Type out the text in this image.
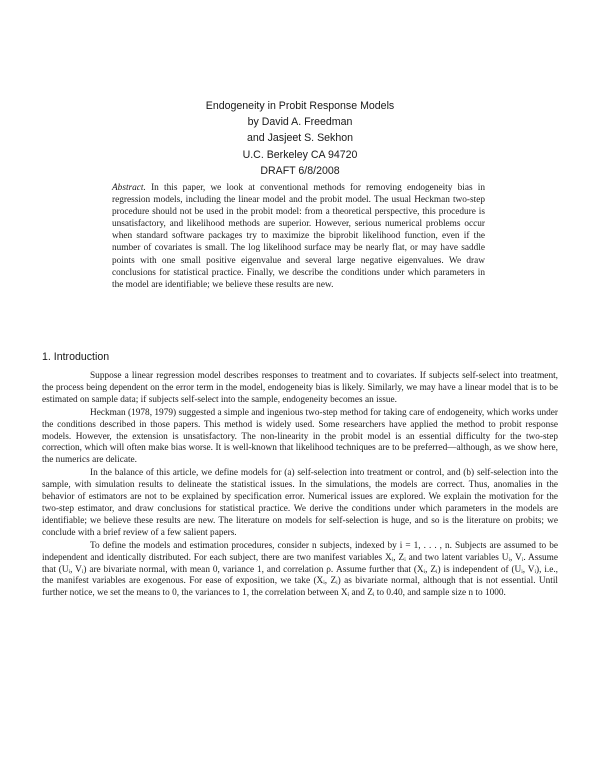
Endogeneity in Probit Response Models
by David A. Freedman
and Jasjeet S. Sekhon
U.C. Berkeley CA 94720
DRAFT 6/8/2008
Abstract. In this paper, we look at conventional methods for removing endogeneity bias in regression models, including the linear model and the probit model. The usual Heckman two-step procedure should not be used in the probit model: from a theoretical perspective, this procedure is unsatisfactory, and likelihood methods are superior. However, serious numerical problems occur when standard software packages try to maximize the biprobit likelihood function, even if the number of covariates is small. The log likelihood surface may be nearly flat, or may have saddle points with one small positive eigenvalue and several large negative eigenvalues. We draw conclusions for statistical practice. Finally, we describe the conditions under which parameters in the model are identifiable; we believe these results are new.
1. Introduction

Suppose a linear regression model describes responses to treatment and to covariates. If subjects self-select into treatment, the process being dependent on the error term in the model, endogeneity bias is likely. Similarly, we may have a linear model that is to be estimated on sample data; if subjects self-select into the sample, endogeneity becomes an issue.

Heckman (1978, 1979) suggested a simple and ingenious two-step method for taking care of endogeneity, which works under the conditions described in those papers. This method is widely used. Some researchers have applied the method to probit response models. However, the extension is unsatisfactory. The non-linearity in the probit model is an essential difficulty for the two-step correction, which will often make bias worse. It is well-known that likelihood techniques are to be preferred—although, as we show here, the numerics are delicate.

In the balance of this article, we define models for (a) self-selection into treatment or control, and (b) self-selection into the sample, with simulation results to delineate the statistical issues. In the simulations, the models are correct. Thus, anomalies in the behavior of estimators are not to be explained by specification error. Numerical issues are explored. We explain the motivation for the two-step estimator, and draw conclusions for statistical practice. We derive the conditions under which parameters in the models are identifiable; we believe these results are new. The literature on models for self-selection is huge, and so is the literature on probits; we conclude with a brief review of a few salient papers.

To define the models and estimation procedures, consider n subjects, indexed by i = 1, . . . , n. Subjects are assumed to be independent and identically distributed. For each subject, there are two manifest variables Xᵢ, Zᵢ and two latent variables Uᵢ, Vᵢ. Assume that (Uᵢ, Vᵢ) are bivariate normal, with mean 0, variance 1, and correlation ρ. Assume further that (Xᵢ, Zᵢ) is independent of (Uᵢ, Vᵢ), i.e., the manifest variables are exogenous. For ease of exposition, we take (Xᵢ, Zᵢ) as bivariate normal, although that is not essential. Until further notice, we set the means to 0, the variances to 1, the correlation between Xᵢ and Zᵢ to 0.40, and sample size n to 1000.
